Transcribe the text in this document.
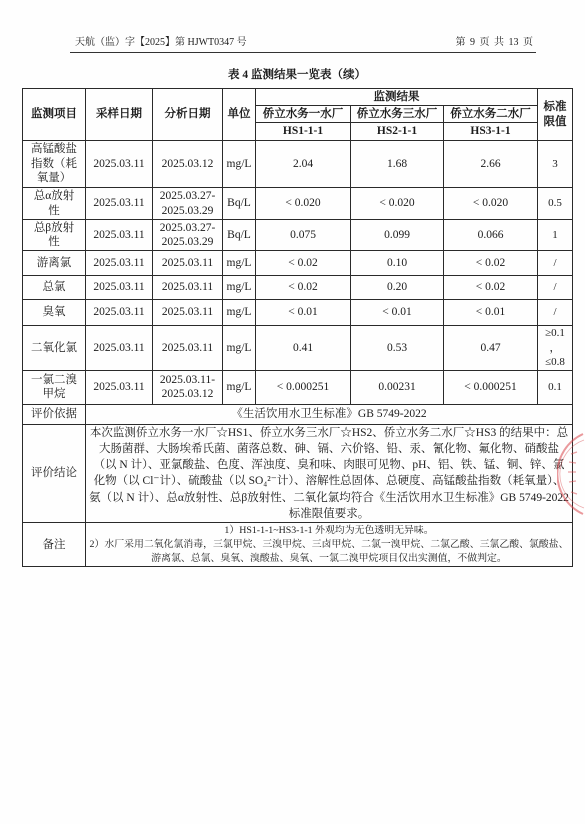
天航（监）字【2025】第 HJWT0347 号	第 9 页 共 13 页
表 4 监测结果一览表（续）
监测项目	采样日期	分析日期	单位	监测结果			标准限值
				侨立水务一水厂	侨立水务三水厂	侨立水务二水厂	
				HS1-1-1	HS2-1-1	HS3-1-1	
高锰酸盐指数（耗氧量）	2025.03.11	2025.03.12	mg/L	2.04	1.68	2.66	3
总α放射性	2025.03.11	2025.03.27-2025.03.29	Bq/L	< 0.020	< 0.020	< 0.020	0.5
总β放射性	2025.03.11	2025.03.27-2025.03.29	Bq/L	0.075	0.099	0.066	1
游离氯	2025.03.11	2025.03.11	mg/L	< 0.02	0.10	< 0.02	/
总氯	2025.03.11	2025.03.11	mg/L	< 0.02	0.20	< 0.02	/
臭氧	2025.03.11	2025.03.11	mg/L	< 0.01	< 0.01	< 0.01	/
二氧化氯	2025.03.11	2025.03.11	mg/L	0.41	0.53	0.47	≥0.1，≤0.8
一氯二溴甲烷	2025.03.11	2025.03.11-2025.03.12	mg/L	< 0.000251	0.00231	< 0.000251	0.1
评价依据	《生活饮用水卫生标准》GB 5749-2022						
评价结论	本次监测侨立水务一水厂☆HS1、侨立水务三水厂☆HS2、侨立水务二水厂☆HS3 的结果中：总大肠菌群、大肠埃希氏菌、菌落总数、砷、镉、六价铬、铅、汞、氰化物、氟化物、硝酸盐（以 N 计）、亚氯酸盐、色度、浑浊度、臭和味、肉眼可见物、pH、铝、铁、锰、铜、锌、氯化物（以 Cl⁻计）、硫酸盐（以 SO₄²⁻计）、溶解性总固体、总硬度、高锰酸盐指数（耗氧量）、氨（以 N 计）、总α放射性、总β放射性、二氧化氯均符合《生活饮用水卫生标准》GB 5749-2022 标准限值要求。						
备注	1）HS1-1-1~HS3-1-1 外观均为无色透明无异味。
2）水厂采用二氧化氯消毒，三氯甲烷、三溴甲烷、三卤甲烷、二氯一溴甲烷、二氯乙酸、三氯乙酸、氯酸盐、游离氯、总氯、臭氧、溴酸盐、臭氧、一氯二溴甲烷项目仅出实测值，不做判定。						
